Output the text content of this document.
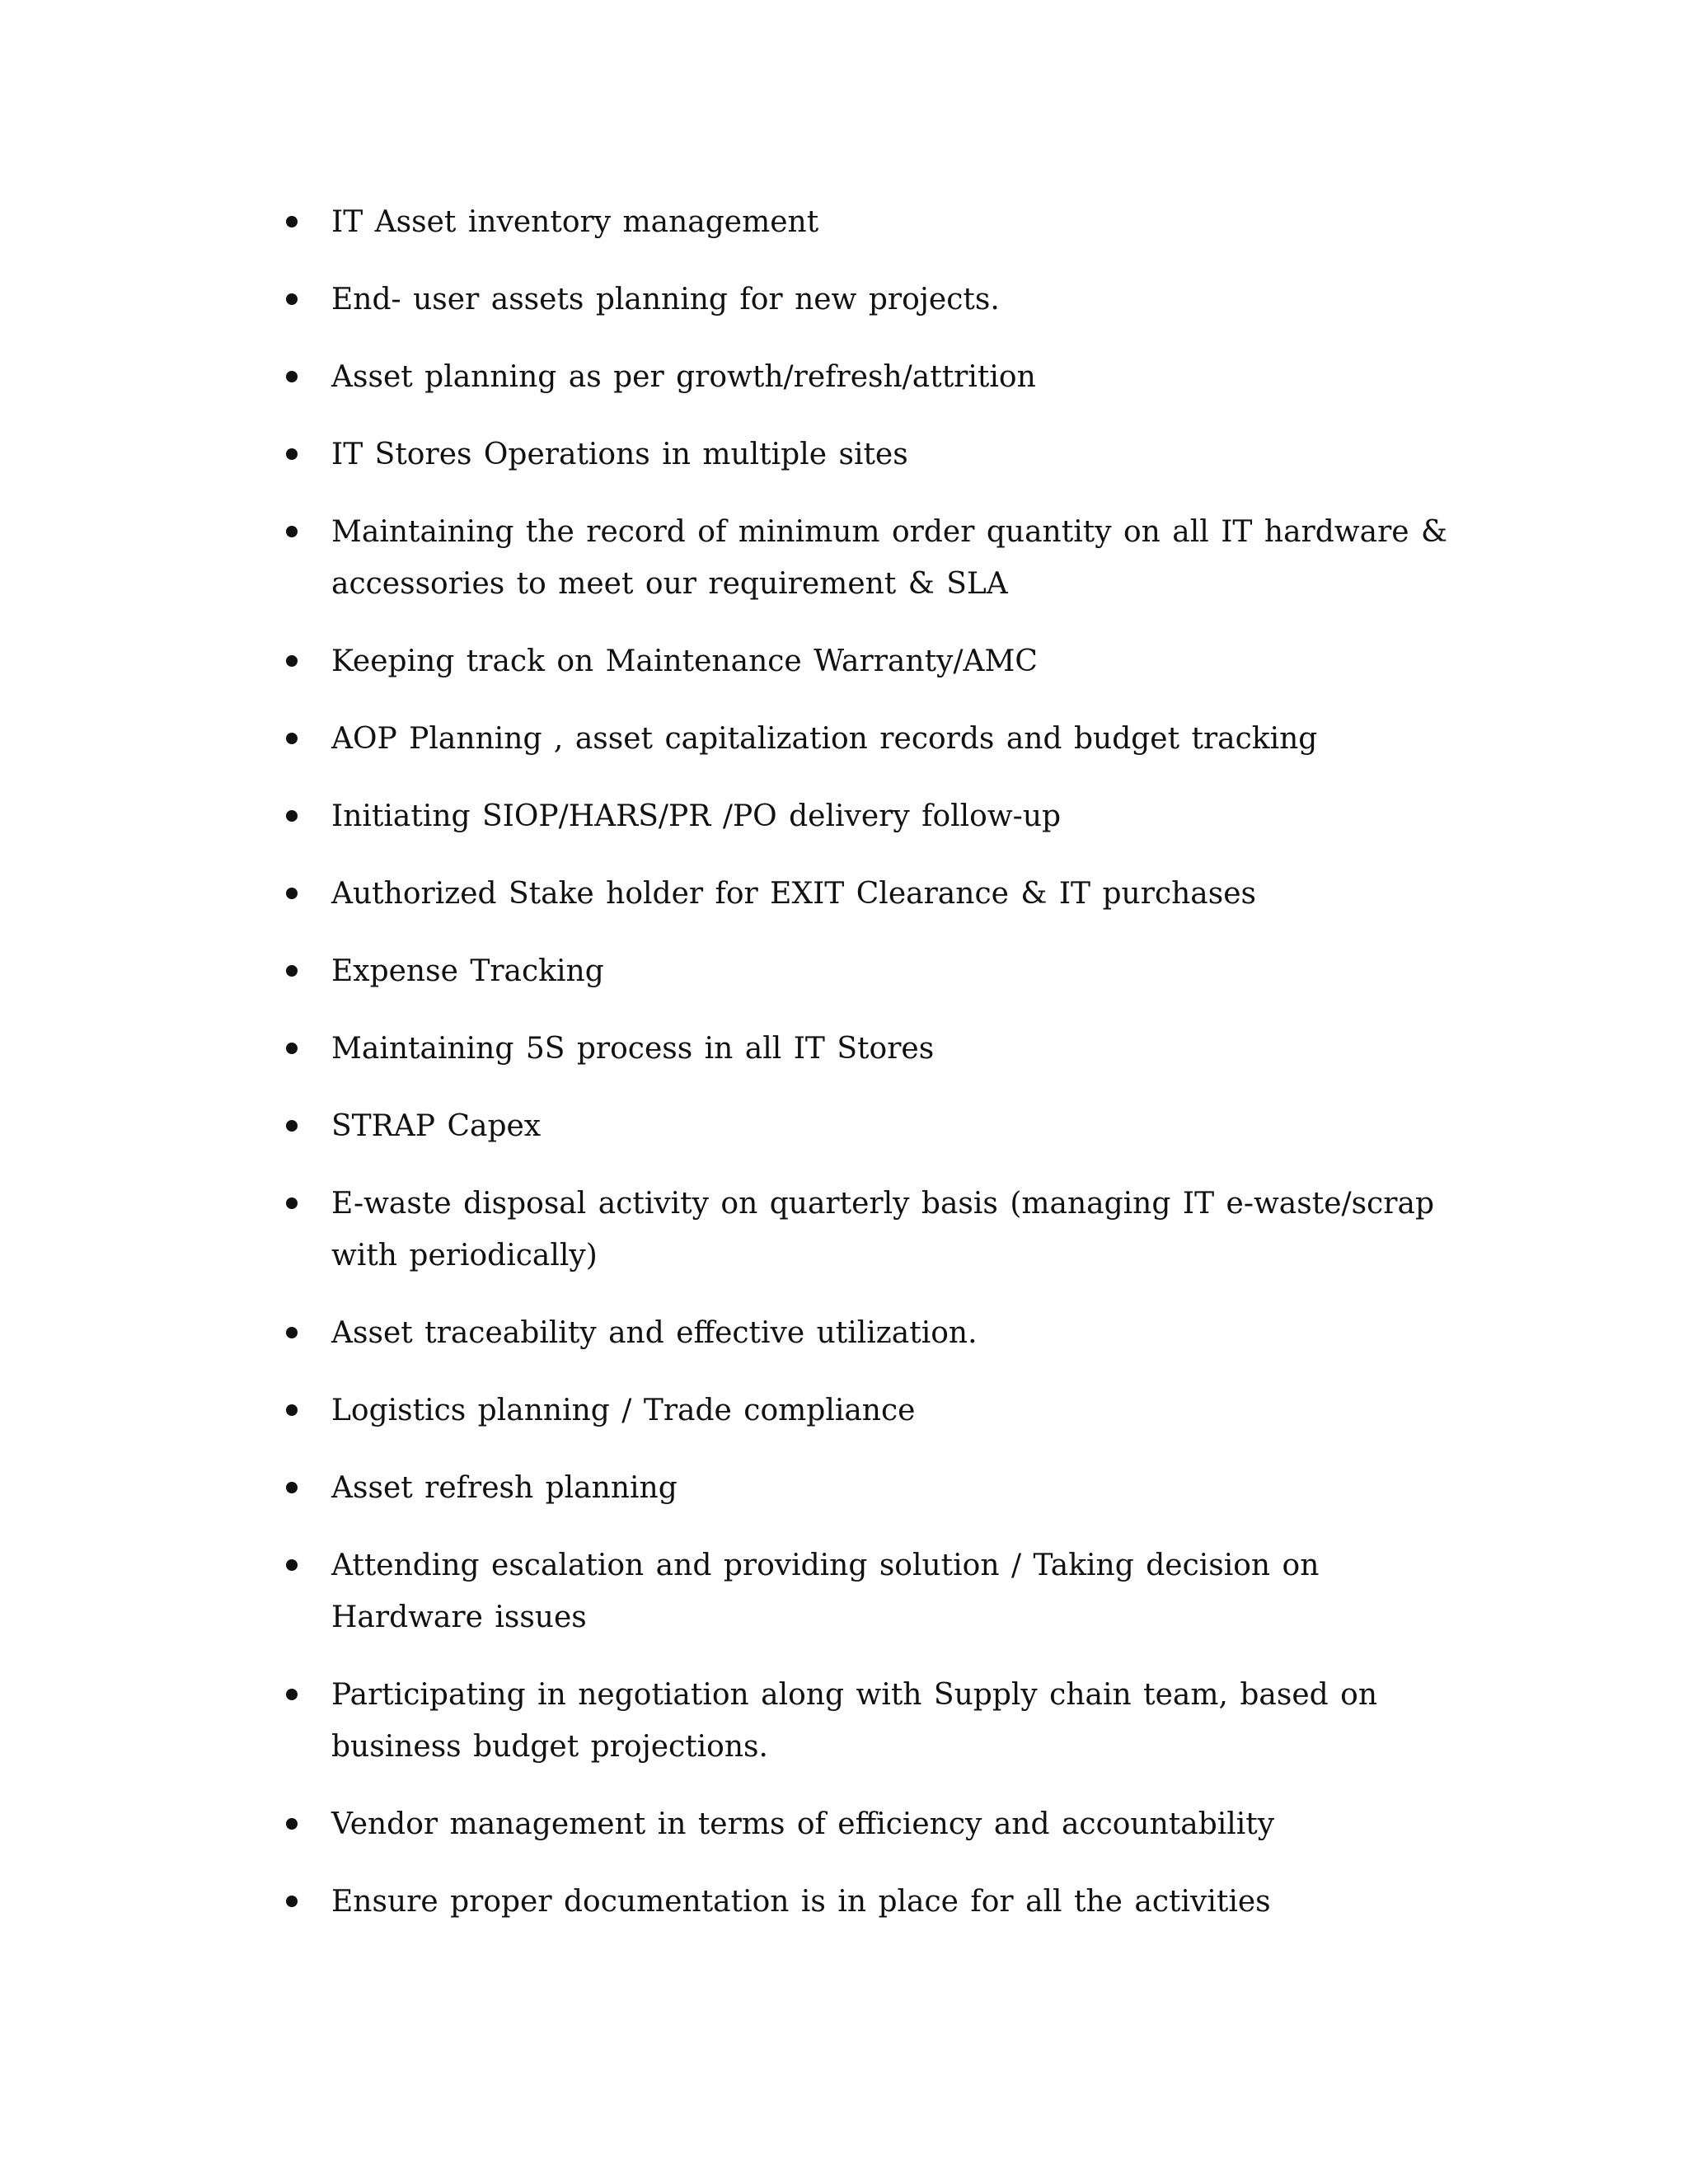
IT Asset inventory management
End- user assets planning for new projects.
Asset planning as per growth/refresh/attrition
IT Stores Operations in multiple sites
Maintaining the record of minimum order quantity on all IT hardware & accessories to meet our requirement & SLA
Keeping track on Maintenance Warranty/AMC
AOP Planning , asset capitalization records and budget tracking
Initiating SIOP/HARS/PR /PO delivery follow-up
Authorized Stake holder for EXIT Clearance & IT purchases
Expense Tracking
Maintaining 5S process in all IT Stores
STRAP Capex
E-waste disposal activity on quarterly basis (managing IT e-waste/scrap with periodically)
Asset traceability and effective utilization.
Logistics planning / Trade compliance
Asset refresh planning
Attending escalation and providing solution / Taking decision on Hardware issues
Participating in negotiation along with Supply chain team, based on business budget projections.
Vendor management in terms of efficiency and accountability
Ensure proper documentation is in place for all the activities
